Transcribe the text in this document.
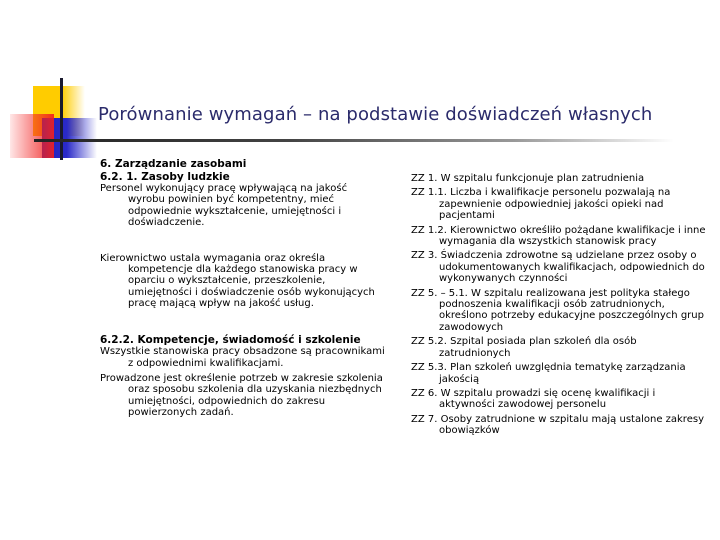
Porównanie wymagań – na podstawie doświadczeń własnych
6. Zarządzanie zasobami
6.2. 1. Zasoby ludzkie

Personel wykonujący pracę wpływającą na jakość wyrobu powinien być kompetentny, mieć odpowiednie wykształcenie, umiejętności i doświadczenie.

Kierownictwo ustala wymagania oraz określa kompetencje dla każdego stanowiska pracy w oparciu o wykształcenie, przeszkolenie, umiejętności i doświadczenie osób wykonujących pracę mającą wpływ na jakość usług.

6.2.2. Kompetencje, świadomość i szkolenie

Wszystkie stanowiska pracy obsadzone są pracownikami z odpowiednimi kwalifikacjami.

Prowadzone jest określenie potrzeb w zakresie szkolenia oraz sposobu szkolenia dla uzyskania niezbędnych umiejętności, odpowiednich do zakresu powierzonych zadań.

ZZ 1. W szpitalu funkcjonuje plan zatrudnienia

ZZ 1.1. Liczba i kwalifikacje personelu pozwalają na zapewnienie odpowiedniej jakości opieki nad pacjentami

ZZ 1.2. Kierownictwo określiło pożądane kwalifikacje i inne wymagania dla wszystkich stanowisk pracy

ZZ 3. Świadczenia zdrowotne są udzielane przez osoby o udokumentowanych kwalifikacjach, odpowiednich do wykonywanych czynności

ZZ 5. – 5.1. W szpitalu realizowana jest polityka stałego podnoszenia kwalifikacji osób zatrudnionych, określono potrzeby edukacyjne poszczególnych grup zawodowych

ZZ 5.2. Szpital posiada plan szkoleń dla osób zatrudnionych

ZZ 5.3. Plan szkoleń uwzględnia tematykę zarządzania jakością

ZZ 6. W szpitalu prowadzi się ocenę kwalifikacji i aktywności zawodowej personelu

ZZ 7. Osoby zatrudnione w szpitalu mają ustalone zakresy obowiązków
